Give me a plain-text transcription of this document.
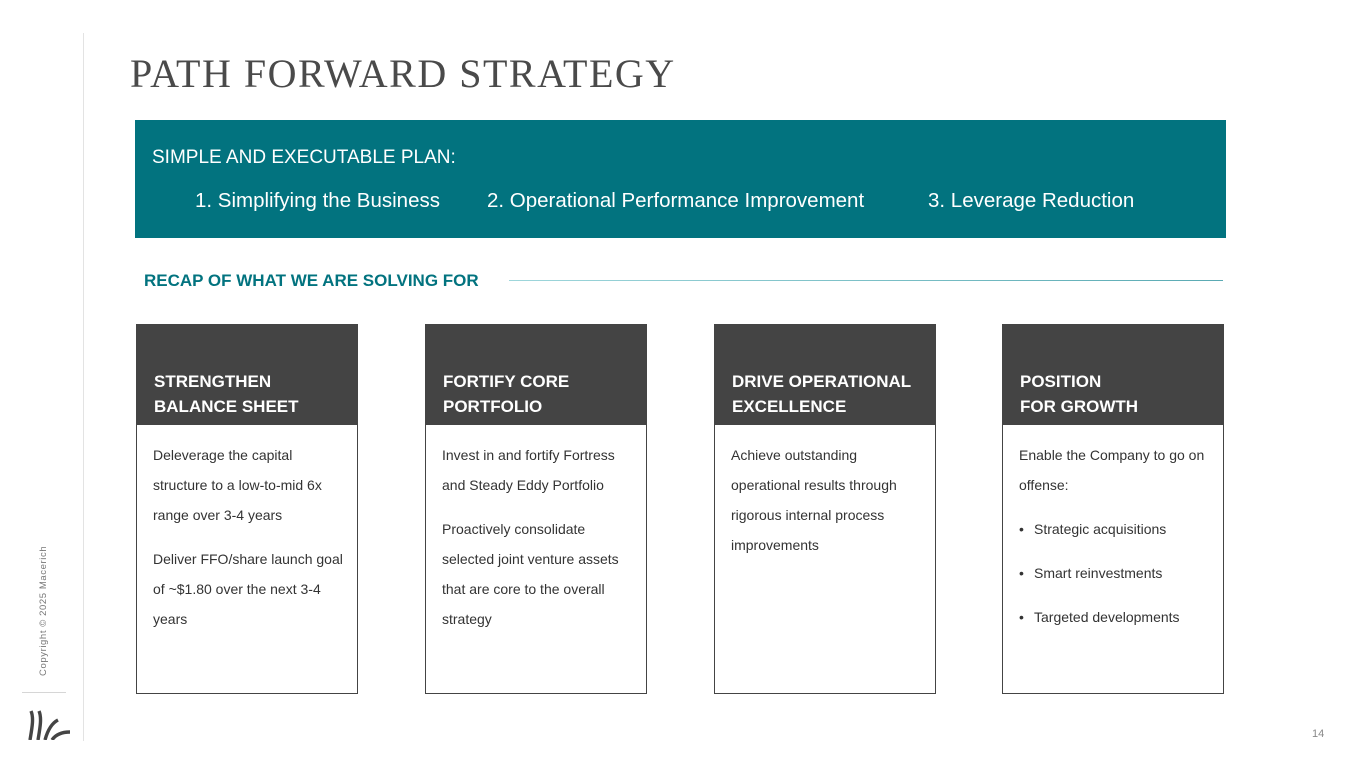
Copyright © 2025 Macerich
PATH FORWARD STRATEGY
SIMPLE AND EXECUTABLE PLAN:
1. Simplifying the Business 2. Operational Performance Improvement	3. Leverage Reduction
RECAP OF WHAT WE ARE SOLVING FOR
STRENGTHEN
BALANCE SHEET

Deleverage the capital structure to a low-to-mid 6x range over 3-4 years

Deliver FFO/share launch goal of ~$1.80 over the next 3-4 years

FORTIFY CORE
PORTFOLIO

Invest in and fortify Fortress and Steady Eddy Portfolio

Proactively consolidate selected joint venture assets that are core to the overall strategy

DRIVE OPERATIONAL
EXCELLENCE

Achieve outstanding operational results through rigorous internal process improvements

POSITION
FOR GROWTH

Enable the Company to go on offense:

• Strategic acquisitions
• Smart reinvestments
• Targeted developments
14
